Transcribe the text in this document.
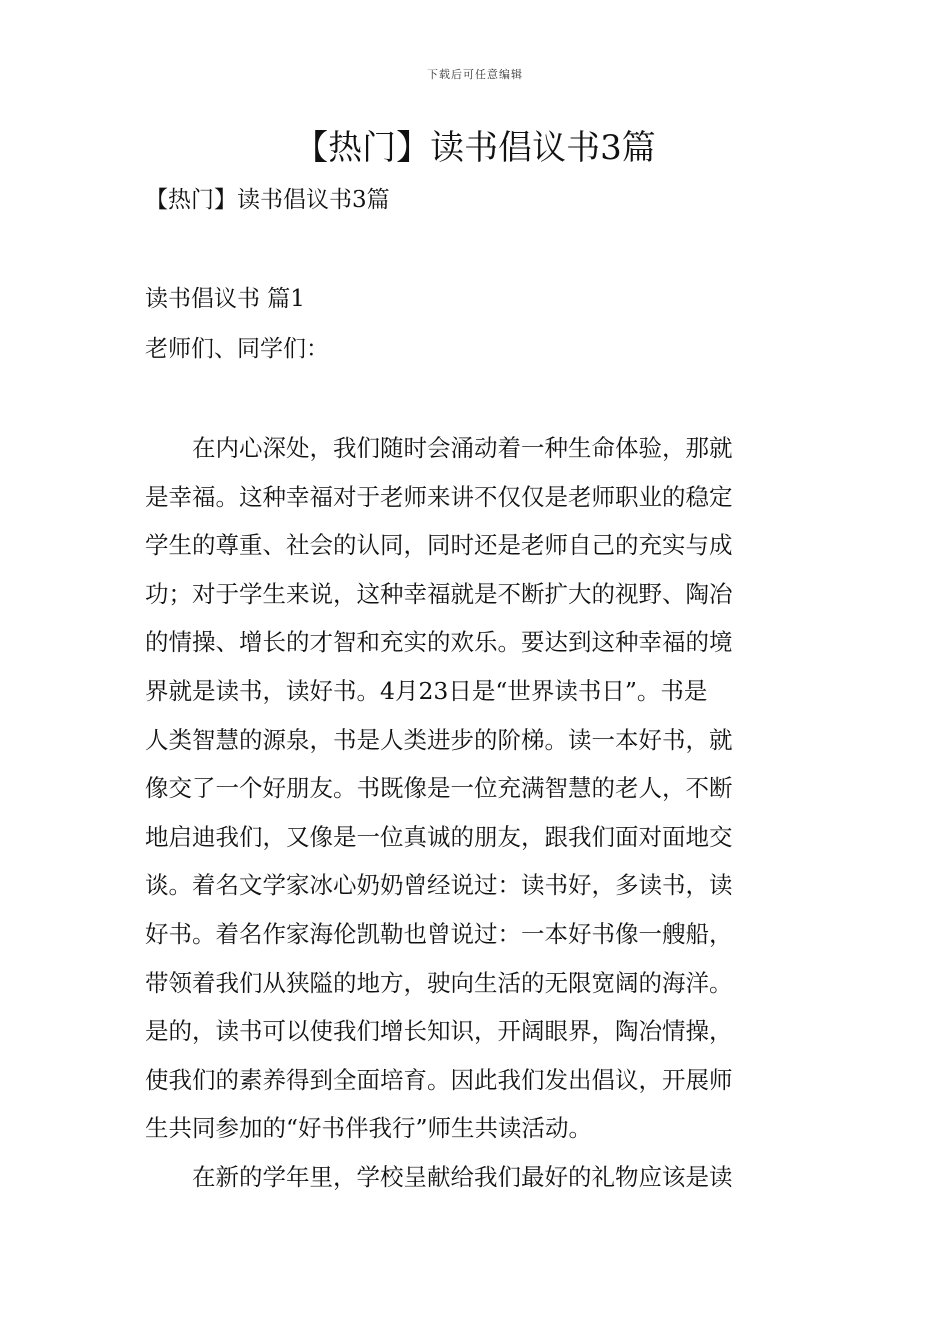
下载后可任意编辑
【热门】读书倡议书3篇

【热门】读书倡议书3篇

读书倡议书 篇1

老师们、同学们：

　　在内心深处，我们随时会涌动着一种生命体验，那就
是幸福。这种幸福对于老师来讲不仅仅是老师职业的稳定
学生的尊重、社会的认同，同时还是老师自己的充实与成
功；对于学生来说，这种幸福就是不断扩大的视野、陶冶
的情操、增长的才智和充实的欢乐。要达到这种幸福的境
界就是读书，读好书。4月23日是“世界读书日”。书是
人类智慧的源泉，书是人类进步的阶梯。读一本好书，就
像交了一个好朋友。书既像是一位充满智慧的老人，不断
地启迪我们，又像是一位真诚的朋友，跟我们面对面地交
谈。着名文学家冰心奶奶曾经说过：读书好，多读书，读
好书。着名作家海伦凯勒也曾说过：一本好书像一艘船，
带领着我们从狭隘的地方，驶向生活的无限宽阔的海洋。
是的，读书可以使我们增长知识，开阔眼界，陶冶情操，
使我们的素养得到全面培育。因此我们发出倡议，开展师
生共同参加的“好书伴我行”师生共读活动。
　　在新的学年里，学校呈献给我们最好的礼物应该是读
